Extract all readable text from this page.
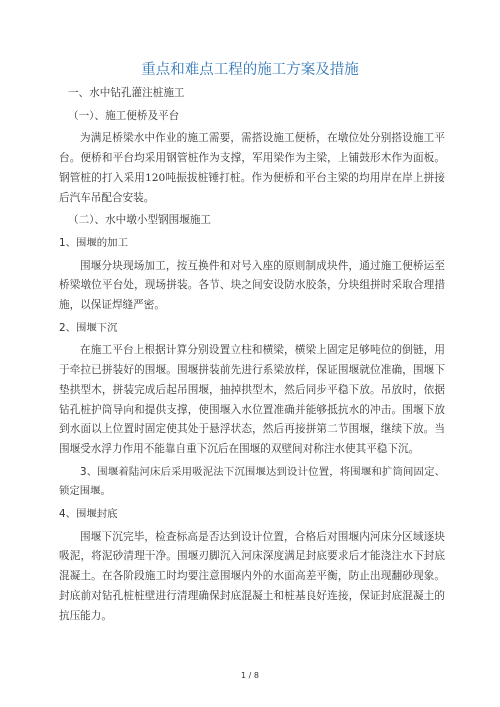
重点和难点工程的施工方案及措施

一、水中钻孔灌注桩施工

（一）、施工便桥及平台

为满足桥梁水中作业的施工需要，需搭设施工便桥，在墩位处分别搭设施工平台。便桥和平台均采用钢管桩作为支撑，军用梁作为主梁，上铺鼓形木作为面板。钢管桩的打入采用120吨振拔桩锤打桩。作为便桥和平台主梁的均用岸在岸上拼接后汽车吊配合安装。

（二）、水中墩小型钢围堰施工

1、围堰的加工

围堰分块现场加工，按互换件和对号入座的原则制成块件，通过施工便桥运至桥梁墩位平台处，现场拼装。各节、块之间安设防水胶条，分块组拼时采取合理措施，以保证焊缝严密。

2、围堰下沉

在施工平台上根据计算分别设置立柱和横梁，横梁上固定足够吨位的倒链，用于牵拉已拼装好的围堰。围堰拼装前先进行系梁放样，保证围堰就位准确，围堰下垫拱型木，拼装完成后起吊围堰，抽掉拱型木，然后同步平稳下放。吊放时，依据钻孔桩护筒导向和提供支撑，使围堰入水位置准确并能够抵抗水的冲击。围堰下放到水面以上位置时固定使其处于悬浮状态，然后再接拼第二节围堰，继续下放。当围堰受水浮力作用不能靠自重下沉后在围堰的双壁间对称注水使其平稳下沉。

3、围堰着陆河床后采用吸泥法下沉围堰达到设计位置，将围堰和扩筒间固定、锁定围堰。

4、围堰封底

围堰下沉完毕，检查标高是否达到设计位置，合格后对围堰内河床分区域逐块吸泥，将泥砂清理干净。围堰刃脚沉入河床深度满足封底要求后才能浇注水下封底混凝土。在各阶段施工时均要注意围堰内外的水面高差平衡，防止出现翻砂现象。封底前对钻孔桩桩壁进行清理确保封底混凝土和桩基良好连接，保证封底混凝土的抗压能力。

1 / 8
